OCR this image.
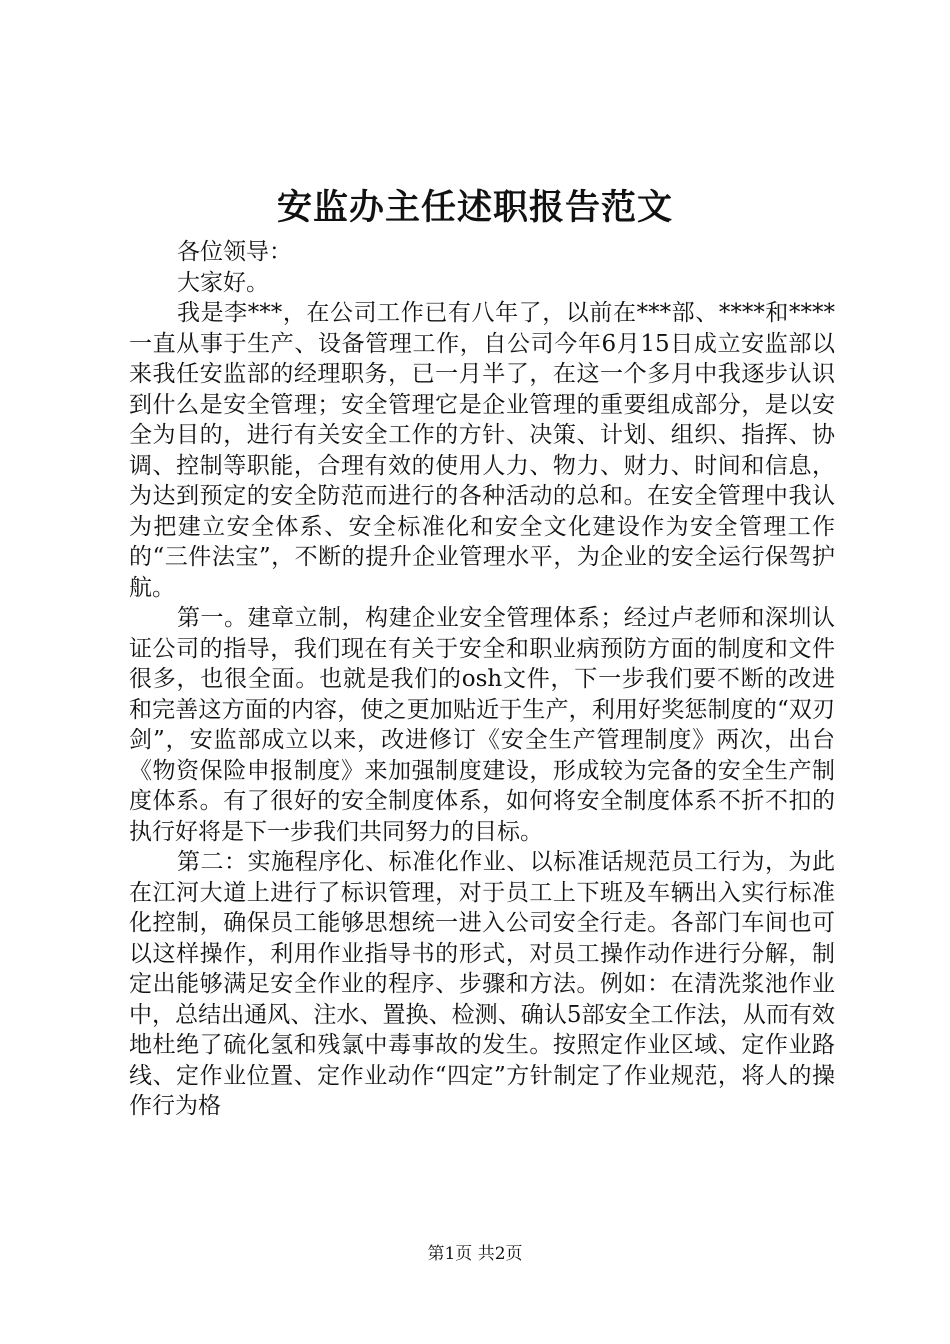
安监办主任述职报告范文

各位领导：

大家好。

我是李***，在公司工作已有八年了，以前在***部、****和****一直从事于生产、设备管理工作，自公司今年6月15日成立安监部以来我任安监部的经理职务，已一月半了，在这一个多月中我逐步认识到什么是安全管理；安全管理它是企业管理的重要组成部分，是以安全为目的，进行有关安全工作的方针、决策、计划、组织、指挥、协调、控制等职能，合理有效的使用人力、物力、财力、时间和信息，为达到预定的安全防范而进行的各种活动的总和。在安全管理中我认为把建立安全体系、安全标准化和安全文化建设作为安全管理工作的“三件法宝”，不断的提升企业管理水平，为企业的安全运行保驾护航。

第一。建章立制，构建企业安全管理体系；经过卢老师和深圳认证公司的指导，我们现在有关于安全和职业病预防方面的制度和文件很多，也很全面。也就是我们的osh文件，下一步我们要不断的改进和完善这方面的内容，使之更加贴近于生产，利用好奖惩制度的“双刃剑”，安监部成立以来，改进修订《安全生产管理制度》两次，出台《物资保险申报制度》来加强制度建设，形成较为完备的安全生产制度体系。有了很好的安全制度体系，如何将安全制度体系不折不扣的执行好将是下一步我们共同努力的目标。

第二：实施程序化、标准化作业、以标准话规范员工行为，为此在江河大道上进行了标识管理，对于员工上下班及车辆出入实行标准化控制，确保员工能够思想统一进入公司安全行走。各部门车间也可以这样操作，利用作业指导书的形式，对员工操作动作进行分解，制定出能够满足安全作业的程序、步骤和方法。例如：在清洗浆池作业中，总结出通风、注水、置换、检测、确认5部安全工作法，从而有效地杜绝了硫化氢和残氯中毒事故的发生。按照定作业区域、定作业路线、定作业位置、定作业动作“四定”方针制定了作业规范，将人的操作行为格

第1页 共2页
